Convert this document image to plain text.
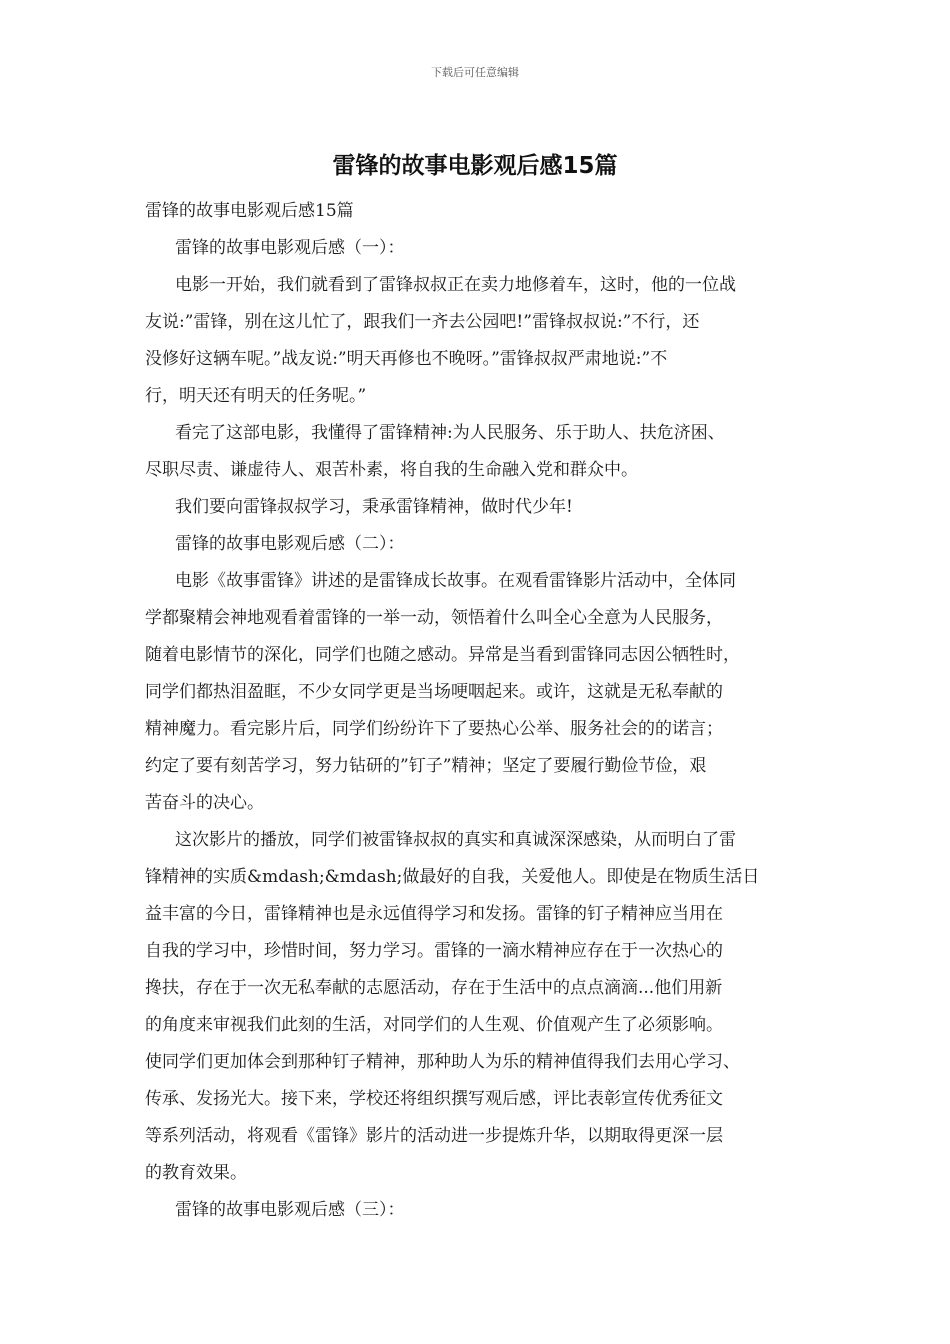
下载后可任意编辑
雷锋的故事电影观后感15篇
雷锋的故事电影观后感15篇
雷锋的故事电影观后感（一）：
电影一开始，我们就看到了雷锋叔叔正在卖力地修着车，这时，他的一位战
友说:”雷锋，别在这儿忙了，跟我们一齐去公园吧!”雷锋叔叔说:”不行，还
没修好这辆车呢。”战友说:”明天再修也不晚呀。”雷锋叔叔严肃地说:”不
行，明天还有明天的任务呢。”
看完了这部电影，我懂得了雷锋精神:为人民服务、乐于助人、扶危济困、
尽职尽责、谦虚待人、艰苦朴素，将自我的生命融入党和群众中。
我们要向雷锋叔叔学习，秉承雷锋精神，做时代少年!
雷锋的故事电影观后感（二）：
电影《故事雷锋》讲述的是雷锋成长故事。在观看雷锋影片活动中，全体同
学都聚精会神地观看着雷锋的一举一动，领悟着什么叫全心全意为人民服务，
随着电影情节的深化，同学们也随之感动。异常是当看到雷锋同志因公牺牲时，
同学们都热泪盈眶，不少女同学更是当场哽咽起来。或许，这就是无私奉献的
精神魔力。看完影片后，同学们纷纷许下了要热心公举、服务社会的的诺言；
约定了要有刻苦学习，努力钻研的”钉子”精神；坚定了要履行勤俭节俭，艰
苦奋斗的决心。
这次影片的播放，同学们被雷锋叔叔的真实和真诚深深感染，从而明白了雷
锋精神的实质&mdash;&mdash;做最好的自我，关爱他人。即使是在物质生活日
益丰富的今日，雷锋精神也是永远值得学习和发扬。雷锋的钉子精神应当用在
自我的学习中，珍惜时间，努力学习。雷锋的一滴水精神应存在于一次热心的
搀扶，存在于一次无私奉献的志愿活动，存在于生活中的点点滴滴...他们用新
的角度来审视我们此刻的生活，对同学们的人生观、价值观产生了必须影响。
使同学们更加体会到那种钉子精神，那种助人为乐的精神值得我们去用心学习、
传承、发扬光大。接下来，学校还将组织撰写观后感，评比表彰宣传优秀征文
等系列活动，将观看《雷锋》影片的活动进一步提炼升华，以期取得更深一层
的教育效果。
雷锋的故事电影观后感（三）：
